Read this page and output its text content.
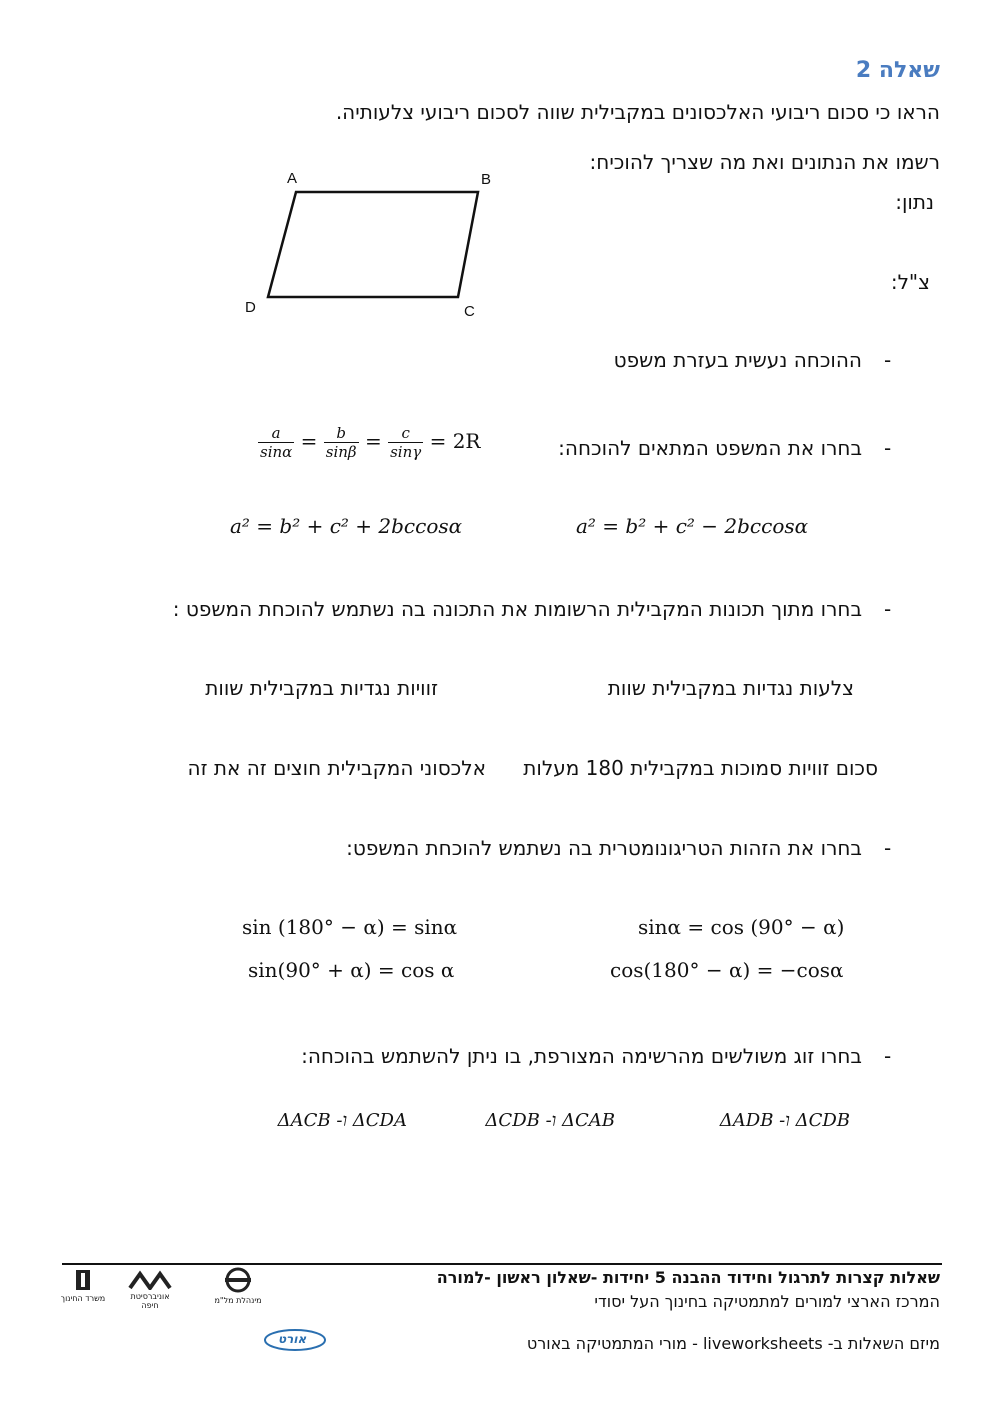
שאלה 2
הראו כי סכום ריבועי האלכסונים במקבילית שווה לסכום ריבועי צלעותיה.
רשמו את הנתונים ואת מה שצריך להוכיח:
נתון:
צ"ל:
A	B
C
D
-
ההוכחה נעשית בעזרת משפט
-
בחרו את המשפט המתאים להוכחה:
$\frac{a}{\sin\alpha} = \frac{b}{\sin\beta} = \frac{c}{\sin\gamma} = 2R$
a² = b² + c² + 2bccosα	a² = b² + c² − 2bccosα
-
בחרו מתוך תכונות המקבילית הרשומות את התכונה בה נשתמש להוכחת המשפט :
צלעות נגדיות במקבילית שוות
זוויות נגדיות במקבילית שוות
סכום זוויות סמוכות במקבילית 180 מעלות
אלכסוני המקבילית חוצים זה את זה
-
בחרו את הזהות הטריגונומטרית בה נשתמש להוכחת המשפט:
sinα = cos (90° − α)
sin (180° − α) = sinα
cos(180° − α) = −cosα
sin(90° + α) = cos α
-
בחרו זוג משולשים מהרשימה המצורפת, בו ניתן להשתמש בהוכחה:
ΔADB -ו ΔCDB
ΔCDB -ו ΔCAB
ΔACB -ו ΔCDA
שאלות קצרות לתרגול וחידוד ההבנה 5 יחידות -שאלון ראשון -למורה
המרכז הארצי למורים למתמטיקה בחינוך העל יסודי
מיזם השאלות ב- liveworksheets - מורי המתמטיקה באורט
משרד החינוך	אוניברסיטת חיפה
מינהלת מל"מ
אורט
